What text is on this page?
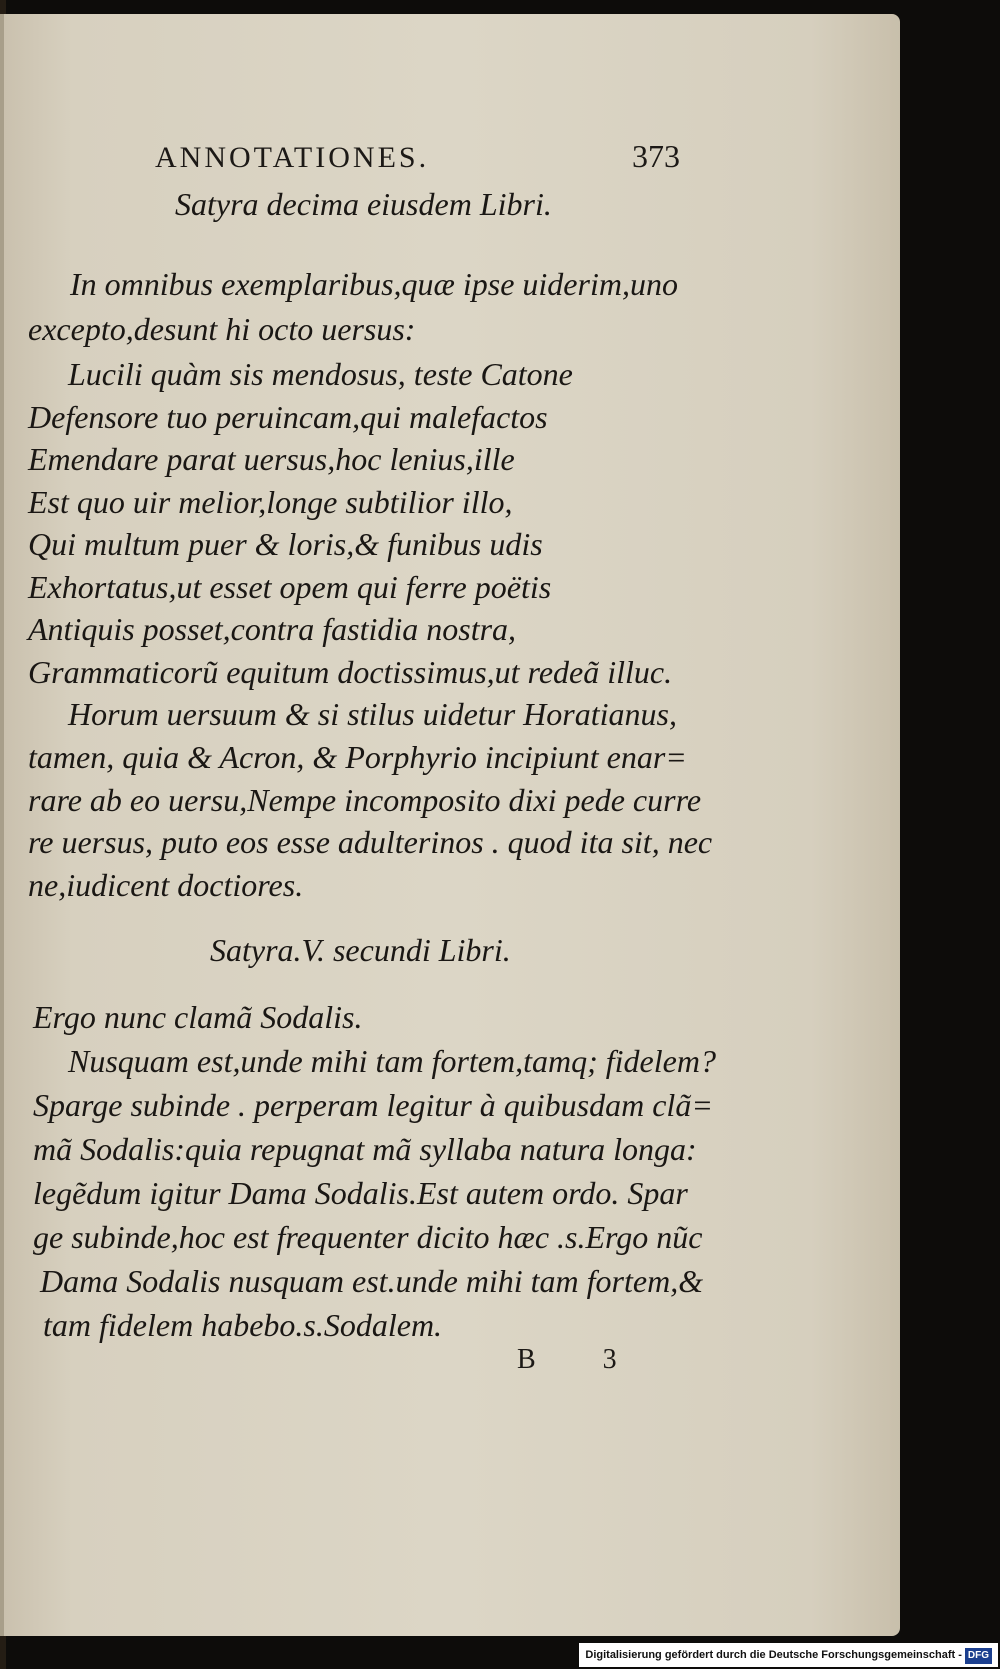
ANNOTATIONES.	373
Satyra decima eiusdem Libri.
In omnibus exemplaribus,quæ ipse uiderim,uno
excepto,desunt hi octo uersus:
Lucili quàm sis mendosus, teste Catone
Defensore tuo peruincam,qui malefactos
Emendare parat uersus,hoc lenius,ille
Est quo uir melior,longe subtilior illo,
Qui multum puer & loris,& funibus udis
Exhortatus,ut esset opem qui ferre poëtis
Antiquis posset,contra fastidia nostra,
Grammaticorũ equitum doctissimus,ut redeã illuc.
Horum uersuum & si stilus uidetur Horatianus,
tamen, quia & Acron, & Porphyrio incipiunt enar=
rare ab eo uersu,Nempe incomposito dixi pede curre
re uersus, puto eos esse adulterinos . quod ita sit, nec
ne,iudicent doctiores.
Satyra.V. secundi Libri.
Ergo nunc clamã Sodalis.
Nusquam est,unde mihi tam fortem,tamq; fidelem?
Sparge subinde . perperam legitur à quibusdam clã=
mã Sodalis:quia repugnat mã syllaba natura longa:
legẽdum igitur Dama Sodalis.Est autem ordo. Spar
ge subinde,hoc est frequenter dicito hæc .s.Ergo nũc
Dama Sodalis nusquam est.unde mihi tam fortem,&
tam fidelem habebo.s.Sodalem.
B 3
Digitalisierung gefördert durch die Deutsche Forschungsgemeinschaft - DFG
